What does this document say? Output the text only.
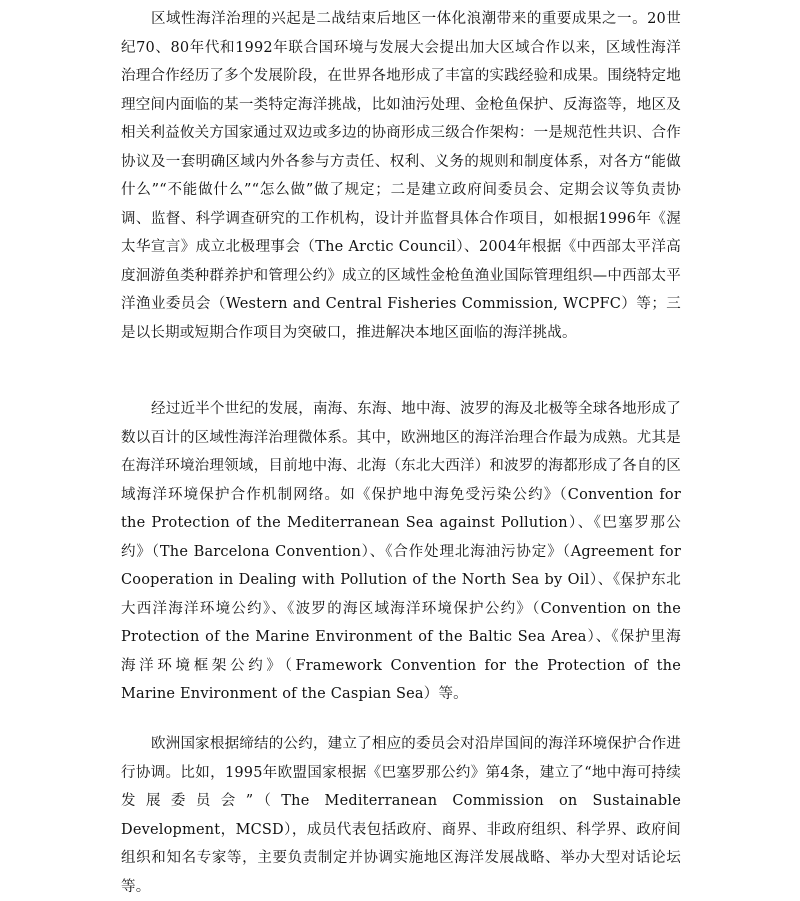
区域性海洋治理的兴起是二战结束后地区一体化浪潮带来的重要成果之一。20世纪70、80年代和1992年联合国环境与发展大会提出加大区域合作以来，区域性海洋治理合作经历了多个发展阶段，在世界各地形成了丰富的实践经验和成果。围绕特定地理空间内面临的某一类特定海洋挑战，比如油污处理、金枪鱼保护、反海盗等，地区及相关利益攸关方国家通过双边或多边的协商形成三级合作架构：一是规范性共识、合作协议及一套明确区域内外各参与方责任、权利、义务的规则和制度体系，对各方“能做什么”“不能做什么”“怎么做”做了规定；二是建立政府间委员会、定期会议等负责协调、监督、科学调查研究的工作机构，设计并监督具体合作项目，如根据1996年《渥太华宣言》成立北极理事会（The Arctic Council）、2004年根据《中西部太平洋高度洄游鱼类种群养护和管理公约》成立的区域性金枪鱼渔业国际管理组织—中西部太平洋渔业委员会（Western and Central Fisheries Commission, WCPFC）等；三是以长期或短期合作项目为突破口，推进解决本地区面临的海洋挑战。

经过近半个世纪的发展，南海、东海、地中海、波罗的海及北极等全球各地形成了数以百计的区域性海洋治理微体系。其中，欧洲地区的海洋治理合作最为成熟。尤其是在海洋环境治理领域，目前地中海、北海（东北大西洋）和波罗的海都形成了各自的区域海洋环境保护合作机制网络。如《保护地中海免受污染公约》（Convention for the Protection of the Mediterranean Sea against Pollution）、《巴塞罗那公约》（The Barcelona Convention）、《合作处理北海油污协定》（Agreement for Cooperation in Dealing with Pollution of the North Sea by Oil）、《保护东北大西洋海洋环境公约》、《波罗的海区域海洋环境保护公约》（Convention on the Protection of the Marine Environment of the Baltic Sea Area）、《保护里海海洋环境框架公约》（Framework Convention for the Protection of the Marine Environment of the Caspian Sea）等。

欧洲国家根据缔结的公约，建立了相应的委员会对沿岸国间的海洋环境保护合作进行协调。比如，1995年欧盟国家根据《巴塞罗那公约》第4条，建立了“地中海可持续发展委员会”（The Mediterranean Commission on Sustainable Development，MCSD），成员代表包括政府、商界、非政府组织、科学界、政府间组织和知名专家等，主要负责制定并协调实施地区海洋发展战略、举办大型对话论坛等。
